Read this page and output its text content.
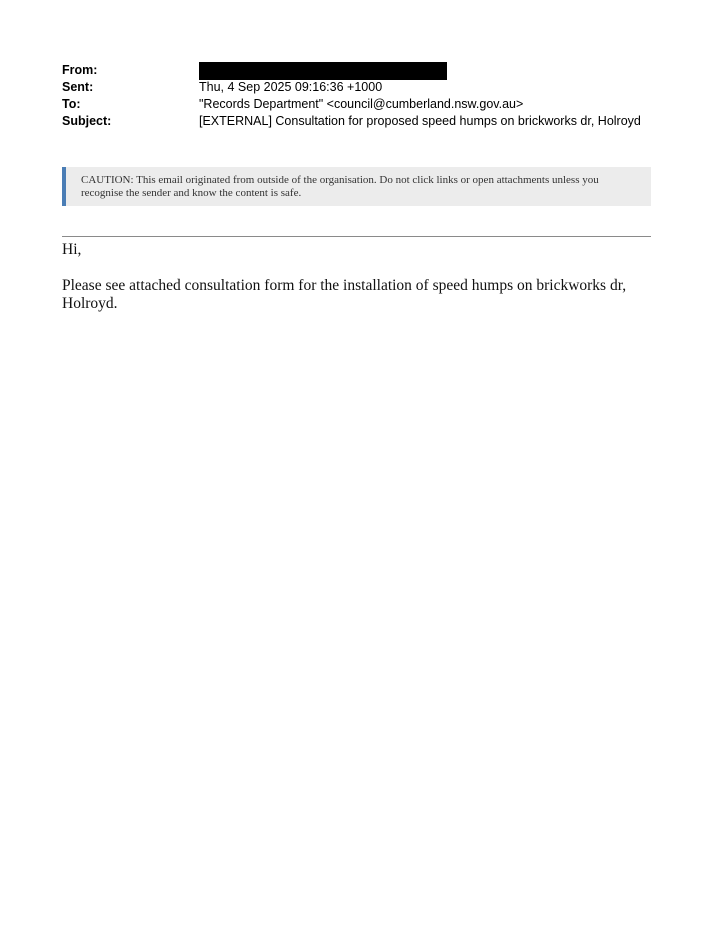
From:
Sent:	Thu, 4 Sep 2025 09:16:36 +1000
To:	"Records Department" <council@cumberland.nsw.gov.au>
Subject:	[EXTERNAL] Consultation for proposed speed humps on brickworks dr, Holroyd
CAUTION: This email originated from outside of the organisation. Do not click links or open attachments unless you recognise the sender and know the content is safe.

Hi,

Please see attached consultation form for the installation of speed humps on brickworks dr, Holroyd.
